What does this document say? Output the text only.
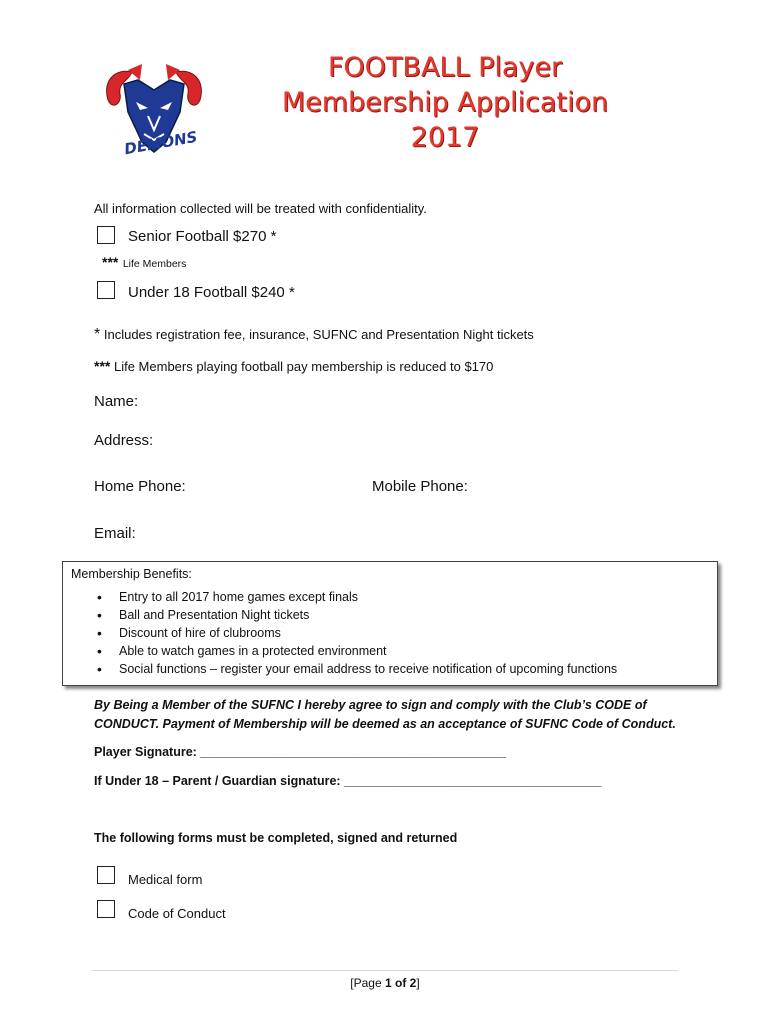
DEMONS
FOOTBALL Player
Membership Application
2017
All information collected will be treated with confidentiality.
Senior Football $270 *
*** Life Members
Under 18 Football $240 *
* Includes registration fee, insurance, SUFNC and Presentation Night tickets
*** Life Members playing football pay membership is reduced to $170
Name:
Address:
Home Phone:	Mobile Phone:
Email:
Membership Benefits:
• Entry to all 2017 home games except finals
• Ball and Presentation Night tickets
• Discount of hire of clubrooms
• Able to watch games in a protected environment
• Social functions – register your email address to receive notification of upcoming functions
By Being a Member of the SUFNC I hereby agree to sign and comply with the Club’s CODE of
CONDUCT. Payment of Membership will be deemed as an acceptance of SUFNC Code of Conduct.
Player Signature: ____________________________________________
If Under 18 – Parent / Guardian signature: _____________________________________
The following forms must be completed, signed and returned
Medical form
Code of Conduct
[Page 1 of 2]
